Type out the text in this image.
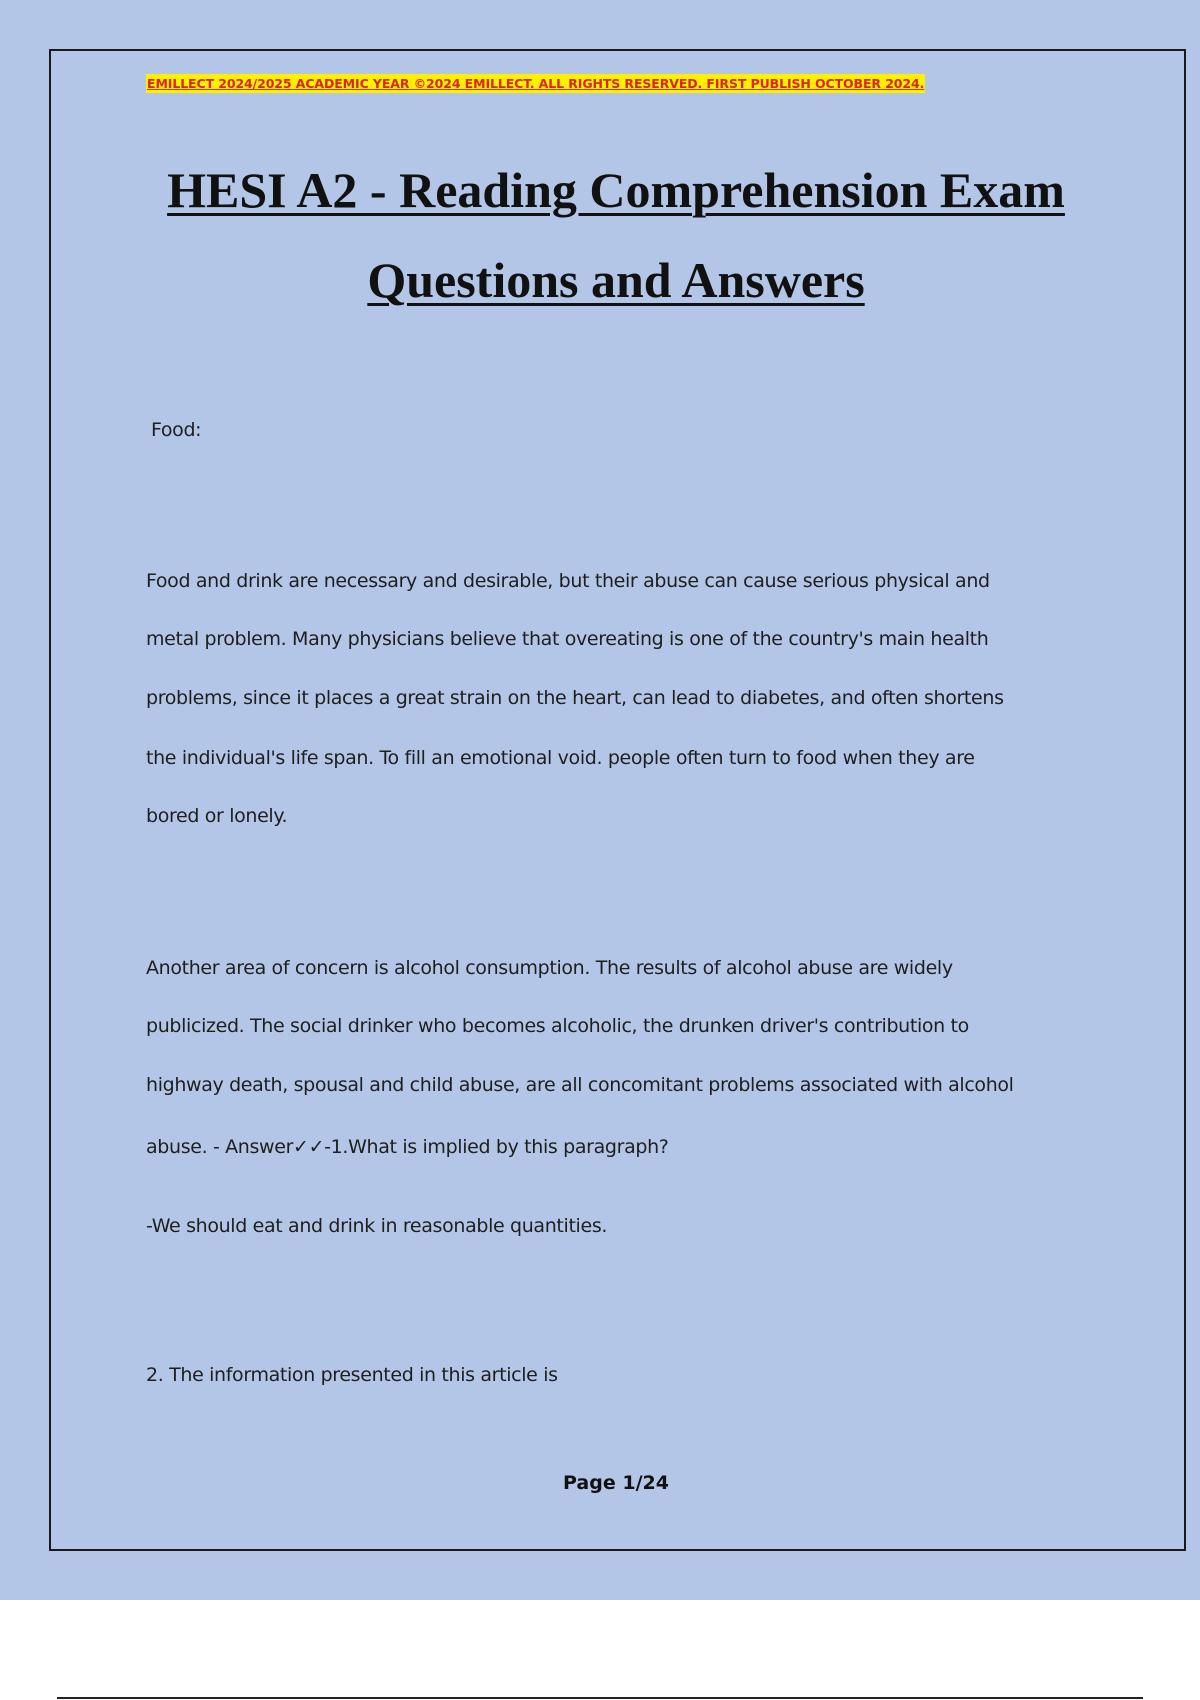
EMILLECT 2024/2025 ACADEMIC YEAR ©2024 EMILLECT. ALL RIGHTS RESERVED. FIRST PUBLISH OCTOBER 2024.
HESI A2 - Reading Comprehension Exam
Questions and Answers
Food:
Food and drink are necessary and desirable, but their abuse can cause serious physical and
metal problem. Many physicians believe that overeating is one of the country's main health
problems, since it places a great strain on the heart, can lead to diabetes, and often shortens
the individual's life span. To fill an emotional void. people often turn to food when they are
bored or lonely.
Another area of concern is alcohol consumption. The results of alcohol abuse are widely
publicized. The social drinker who becomes alcoholic, the drunken driver's contribution to
highway death, spousal and child abuse, are all concomitant problems associated with alcohol
abuse. - Answer✓✓-1.What is implied by this paragraph?
-We should eat and drink in reasonable quantities.
2. The information presented in this article is
Page 1/24
